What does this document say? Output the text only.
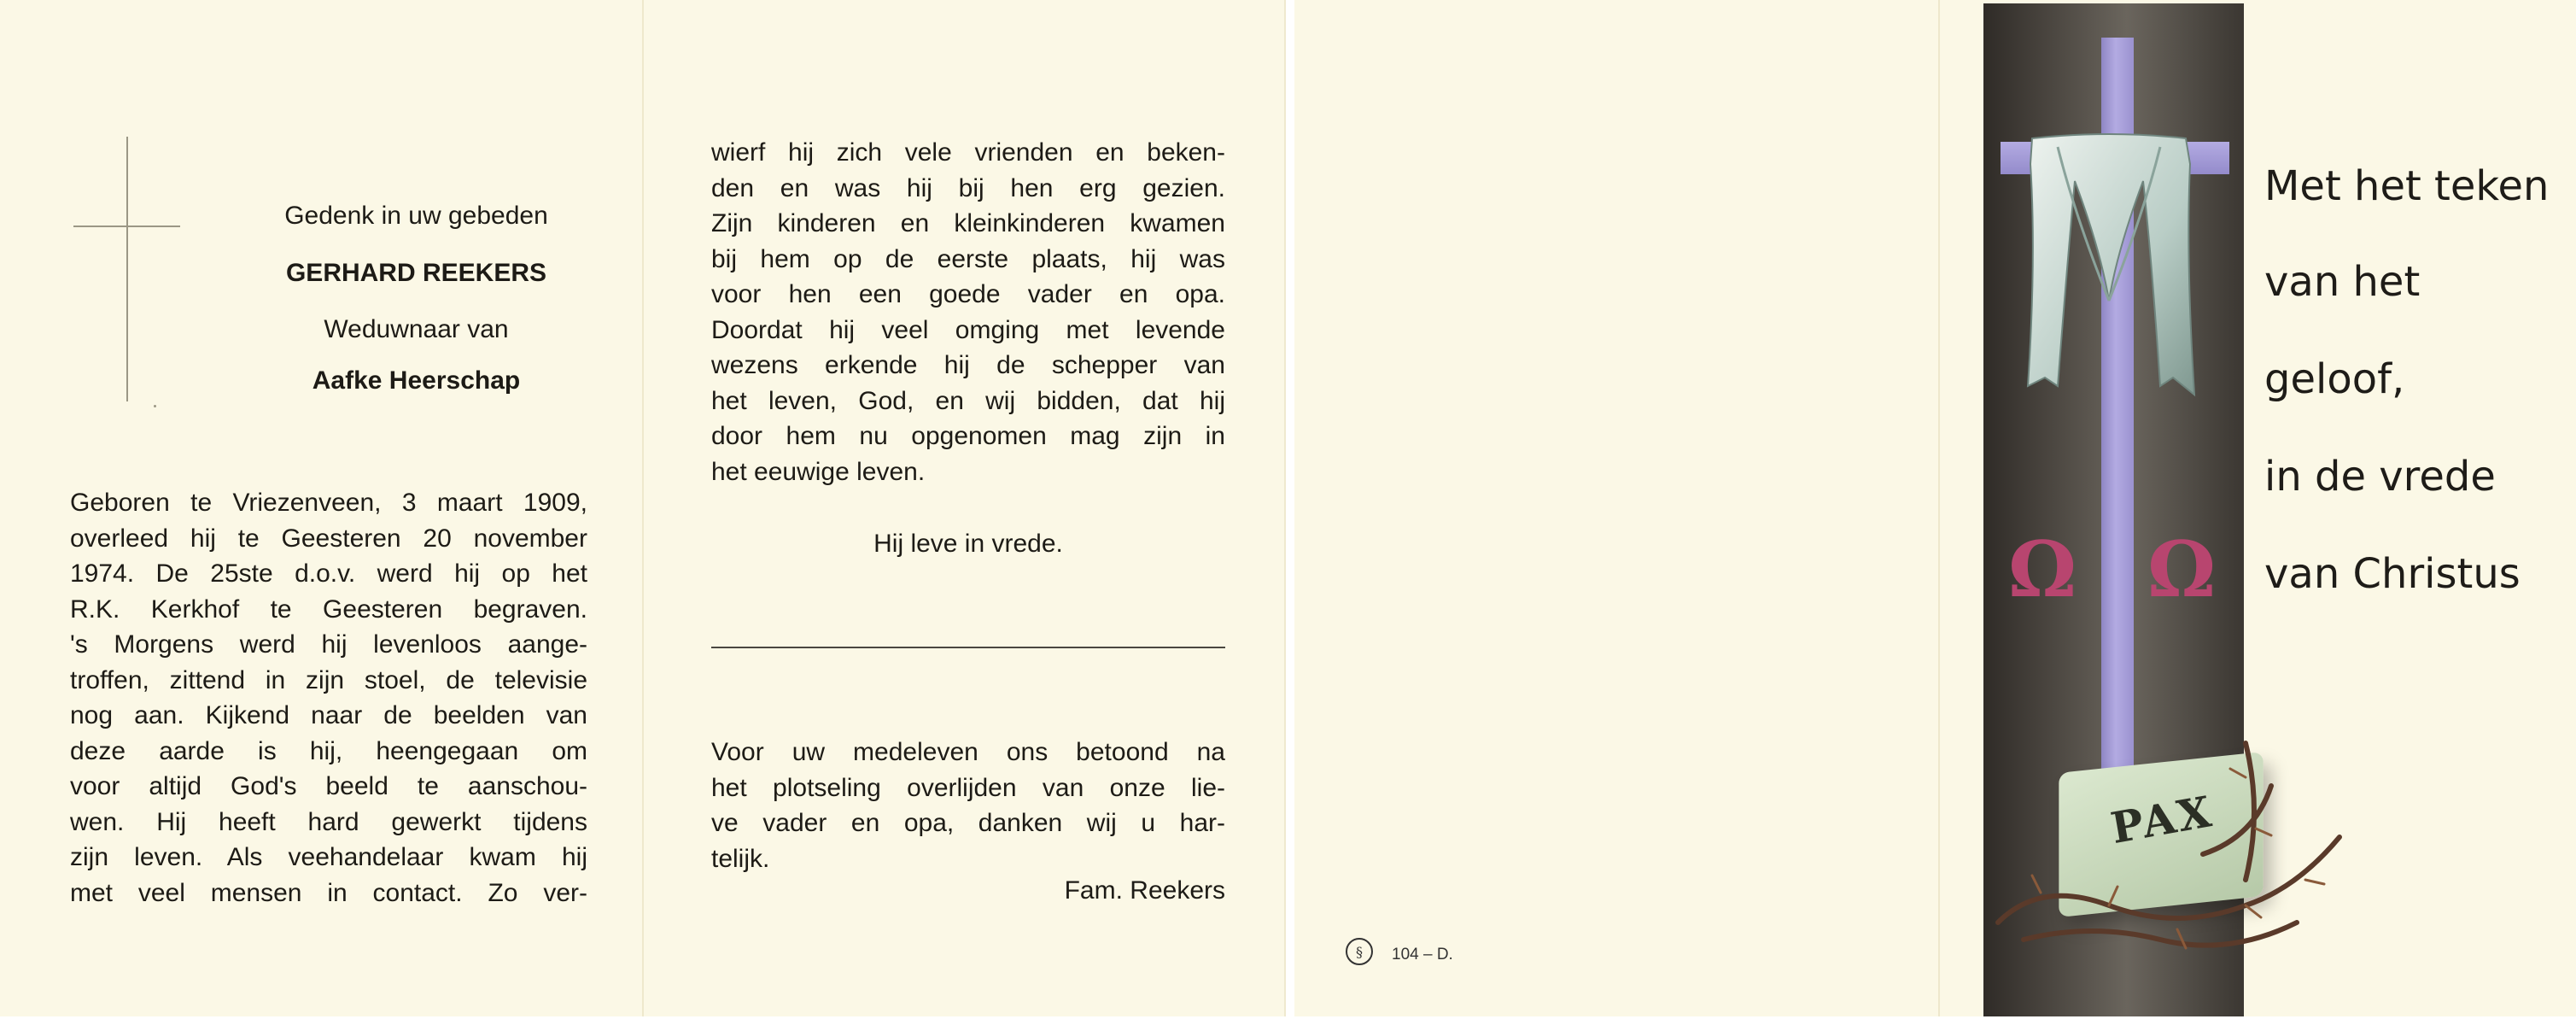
Gedenk in uw gebeden
GERHARD REEKERS
Weduwnaar van
Aafke Heerschap
Geboren te Vriezenveen, 3 maart 1909,
overleed hij te Geesteren 20 november
1974. De 25ste d.o.v. werd hij op het
R.K. Kerkhof te Geesteren begraven.
's Morgens werd hij levenloos aange-
troffen, zittend in zijn stoel, de televisie
nog aan. Kijkend naar de beelden van
deze aarde is hij, heengegaan om
voor altijd God's beeld te aanschou-
wen. Hij heeft hard gewerkt tijdens
zijn leven. Als veehandelaar kwam hij
met veel mensen in contact. Zo ver-
wierf hij zich vele vrienden en beken-
den en was hij bij hen erg gezien.
Zijn kinderen en kleinkinderen kwamen
bij hem op de eerste plaats, hij was
voor hen een goede vader en opa.
Doordat hij veel omging met levende
wezens erkende hij de schepper van
het leven, God, en wij bidden, dat hij
door hem nu opgenomen mag zijn in
het eeuwige leven.
Hij leve in vrede.
Voor uw medeleven ons betoond na
het plotseling overlijden van onze lie-
ve vader en opa, danken wij u har-
telijk.
Fam. Reekers
§ 104 – D.
Ω Ω
PAX
Met het teken
van het
geloof,
in de vrede
van Christus
